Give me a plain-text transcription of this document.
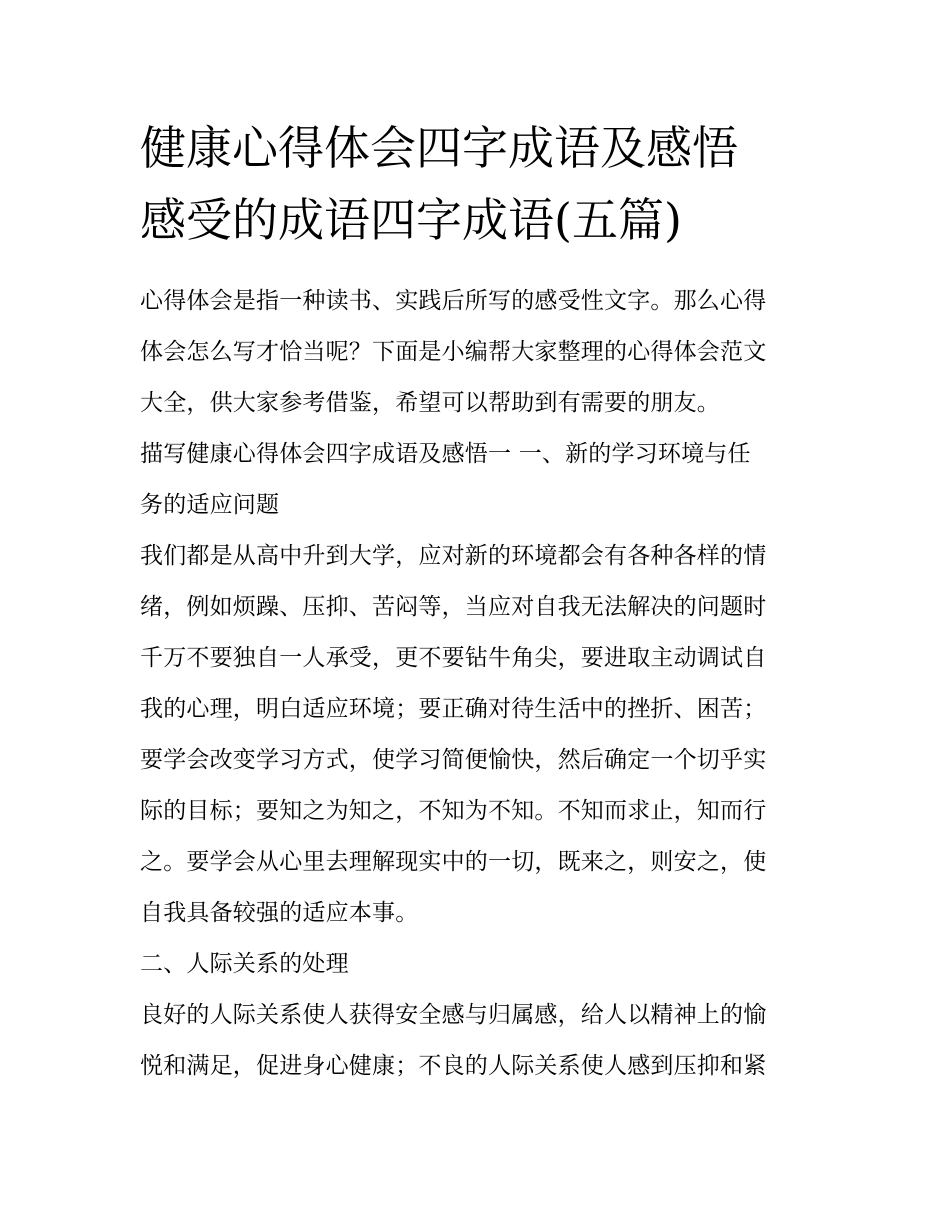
健康心得体会四字成语及感悟
感受的成语四字成语(五篇)

心得体会是指一种读书、实践后所写的感受性文字。那么心得
体会怎么写才恰当呢？下面是小编帮大家整理的心得体会范文
大全，供大家参考借鉴，希望可以帮助到有需要的朋友。

描写健康心得体会四字成语及感悟一 一、新的学习环境与任
务的适应问题

我们都是从高中升到大学，应对新的环境都会有各种各样的情
绪，例如烦躁、压抑、苦闷等，当应对自我无法解决的问题时
千万不要独自一人承受，更不要钻牛角尖，要进取主动调试自
我的心理，明白适应环境；要正确对待生活中的挫折、困苦；
要学会改变学习方式，使学习简便愉快，然后确定一个切乎实
际的目标；要知之为知之，不知为不知。不知而求止，知而行
之。要学会从心里去理解现实中的一切，既来之，则安之，使
自我具备较强的适应本事。

二、人际关系的处理

良好的人际关系使人获得安全感与归属感，给人以精神上的愉
悦和满足，促进身心健康；不良的人际关系使人感到压抑和紧
